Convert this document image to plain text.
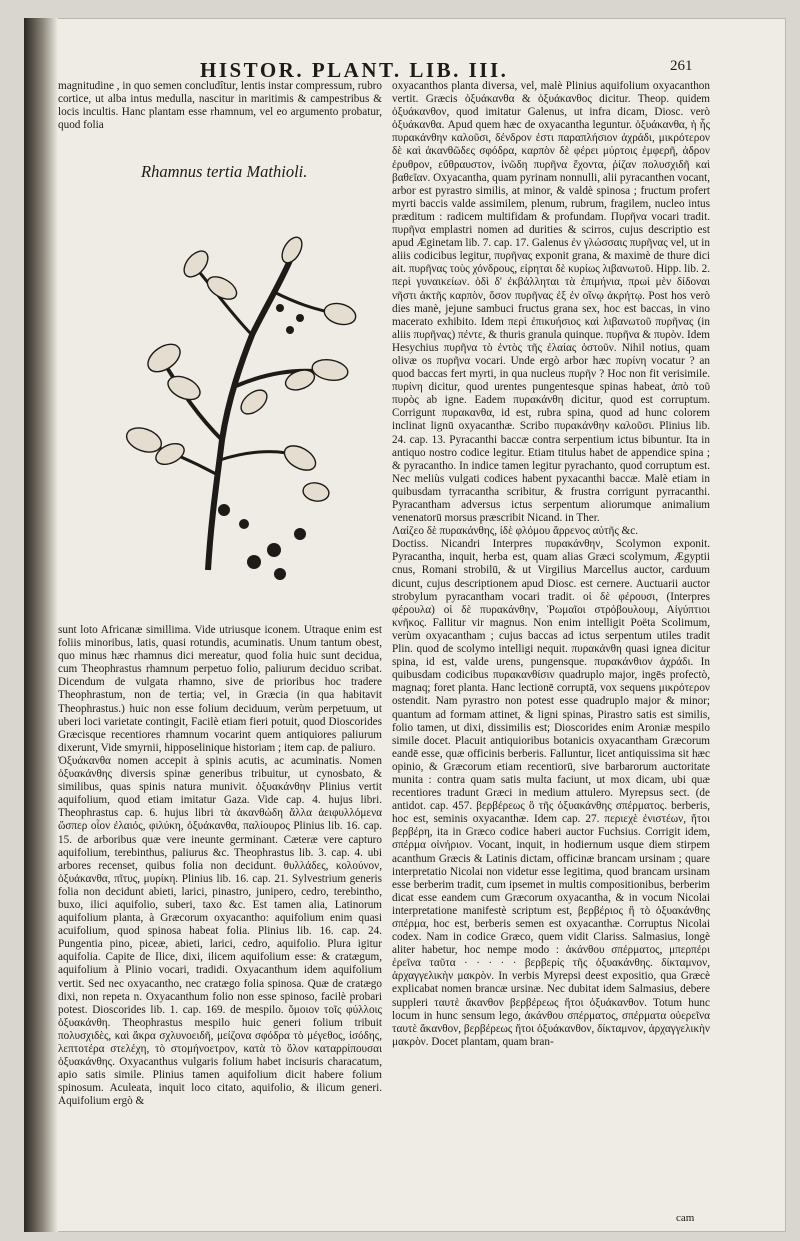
HISTOR. PLANT. LIB. III.	261

magnitudine , in quo semen concludîtur, lentis instar compressum, rubro cortice, ut alba intus medulla, nascitur in maritimis & campestribus & locis incultis. Hanc plantam esse rhamnum, vel eo argumento probatur, quod folia

Rhamnus tertia Mathioli.

sunt loto Africanæ simillima. Vide utriusque iconem. Utraque enim est foliis minoribus, latis, quasi rotundis, acuminatis. Unum tantum obest, quo minus hæc rhamnus dici mereatur, quod folia huic sunt decidua, cum Theophrastus rhamnum perpetuo folio, paliurum deciduo scribat. Dicendum de vulgata rhamno, sive de prioribus hoc tradere Theophrastum, non de tertia; vel, in Græcia (in qua habitavit Theophrastus.) huic non esse folium deciduum, verùm perpetuum, ut uberi loci varietate contingit, Facilè etiam fieri potuit, quod Dioscorides Græcisque recentiores rhamnum vocarint quem antiquiores paliurum dixerunt, Vide smyrnii, hipposelinique historiam ; item cap. de paliuro.

Ὀξυάκανθα nomen accepit à spinis acutis, ac acuminatis. Nomen ὀξυακάνθης diversis spinæ generibus tribuitur, ut cynosbato, & similibus, quas spinis natura munivit. ὀξυακάνθην Plinius vertit aquifolium, quod etiam imitatur Gaza. Vide cap. 4. hujus libri. Theophrastus cap. 6. hujus libri τὰ ἀκανθώδη ἄλλα ἀειφυλλόμενα ὥσπερ οἷον ἐλαιός, φιλύκη, ὀξυάκανθα, παλίουρος Plinius lib. 16. cap. 15. de arboribus quæ vere ineunte germinant. Cæteræ vere capturo aquifolium, terebinthus, paliurus &c. Theophrastus lib. 3. cap. 4. ubi arbores recenset, quibus folia non decidunt. θυλλάδες, κολούνον, ὀξυάκανθα, πῖτυς, μυρίκη. Plinius lib. 16. cap. 21. Sylvestrium generis folia non decidunt abieti, larici, pinastro, junipero, cedro, terebintho, buxo, ilici aquifolio, suberi, taxo &c. Est tamen alia, Latinorum aquifolium planta, à Græcorum oxyacantho: aquifolium enim quasi acuifolium, quod spinosa habeat folia. Plinius lib. 16. cap. 24. Pungentia pino, piceæ, abieti, larici, cedro, aquifolio. Plura igitur aquifolia. Capite de Ilice, dixi, ilicem aquifolium esse: & cratægum, aquifolium à Plinio vocari, tradidi. Oxyacanthum idem aquifolium vertit. Sed nec oxyacantho, nec cratægo folia spinosa. Quæ de cratægo dixi, non repeta n. Oxyacanthum folio non esse spinoso, facilè probari potest. Dioscorides lib. 1. cap. 169. de mespilo. ὅμοιον τοῖς φύλλοις ὀξυακάνθη. Theophrastus mespilo huic generi folium tribuit πολυσχιδὲς, καὶ ἄκρα σχλυνοειδῆ, μείζονα σφόδρα τὸ μέγεθος, ἰσόδης, λεπτοτέρα στελέχη, τὸ στομήνοετρον, κατὰ τὸ ὅλον καταρρίπουσαι ὀξυακάνθης. Oxyacanthus vulgaris folium habet incisuris characatum, apio satis simile. Plinius tamen aquifolium dicit habere folium spinosum. Aculeata, inquit loco citato, aquifolio, & ilicum generi. Aquifolium ergò &

oxyacanthos planta diversa, vel, malè Plinius aquifolium oxyacanthon vertit. Græcis ὀξυάκανθα & ὀξυάκανθος dicitur. Theop. quidem ὀξυάκανθον, quod imitatur Galenus, ut infra dicam, Diosc. verò ὀξυάκανθα. Apud quem hæc de oxyacantha leguntur. ὀξυάκανθα, ἡ ἧς πυρακάνθην καλοῦσι, δένδρον ἐστι παραπλήσιον ἀχράδι, μικρότερον δὲ καὶ ἀκανθῶδες σφόδρα, καρπὸν δὲ φέρει μύρτοις ἐμφερῆ, ἁδρον ἐρυθρον, εὔθραυστον, ἰνῶδη πυρῆνα ἔχοντα, ῥίζαν πολυσχιδῆ καὶ βαθεῖαν. Oxyacantha, quam pyrinam nonnulli, alii pyracanthen vocant, arbor est pyrastro similis, at minor, & valdè spinosa ; fructum profert myrti baccis valde assimilem, plenum, rubrum, fragilem, nucleo intus præditum : radicem multifidam & profundam. Πυρῆνα vocari tradit. πυρῆνα emplastri nomen ad durities & scirros, cujus descriptio est apud Æginetam lib. 7. cap. 17. Galenus ἐν γλώσσαις πυρῆνας vel, ut in aliis codicibus legitur, πυρῆνας exponit grana, & maximè de thure dici ait. πυρῆνας τοὺς χόνδρους, εἰρηται δὲ κυρίως λιβανωτοῦ. Hipp. lib. 2. περὶ γυναικείων. ὁδὶ δ' ἐκβάλληται τὰ ἐπιμήνια, πρωὶ μὲν δίδοναι νῆστι ἀκτῆς καρπὸν, ὅσον πυρῆνας ἐξ ἐν οἴνῳ ἀκρήτῳ. Post hos verò dies manè, jejune sambuci fructus grana sex, hoc est baccas, in vino macerato exhibito. Idem περὶ ἐπικυήσιος καὶ λιβανωτοῦ πυρῆνας (in aliis πυρῆνας) πέντε, & thuris granula quinque. πυρῆνα & πυρὸν. Idem Hesychius πυρῆνα τὸ ἐντὸς τῆς ἐλαίας ὀστοῦν. Nihil notius, quam olivæ os πυρῆνα vocari. Unde ergò arbor hæc πυρίνη vocatur ? an quod baccas fert myrti, in qua nucleus πυρῆν ? Hoc non fit verisimile. πυρίνη dicitur, quod urentes pungentesque spinas habeat, ἀπὸ τοῦ πυρὸς ab igne. Eadem πυρακάνθη dicitur, quod est corruptum. Corrigunt πυρακανθα, id est, rubra spina, quod ad hunc colorem inclinat lignū oxyacanthæ. Scribo πυρακάνθην καλοῦσι. Plinius lib. 24. cap. 13. Pyracanthi baccæ contra serpentium ictus bibuntur. Ita in antiquo nostro codice legitur. Etiam titulus habet de appendice spina ; & pyracantho. In indice tamen legitur pyrachanto, quod corruptum est. Nec meliùs vulgati codices habent pyxacanthi baccæ. Malè etiam in quibusdam tyrracantha scribitur, & frustra corrigunt pyrracanthi. Pyracantham adversus ictus serpentum aliorumque animalium venenatorū morsus præscribit Nicand. in Ther.

Λαίζεο δὲ πυρακάνθης, ἰδὲ φλόμου ἄρρενος αὐτῆς &c.

Doctiss. Nicandri Interpres πυρακάνθην, Scolymon exponit. Pyracantha, inquit, herba est, quam alias Græci scolymum, Ægyptii cnus, Romani strobilū, & ut Virgilius Marcellus auctor, carduum dicunt, cujus descriptionem apud Diosc. est cernere. Auctuarii auctor strobylum pyracantham vocari tradit. οἱ δὲ φέρουσι, (Interpres φέρουλα) οἱ δὲ πυρακάνθην, Ῥωμαῖοι στρόβουλουμ, Αἰγύπτιοι κνῆκος. Fallitur vir magnus. Non enim intelligit Poëta Scolimum, verùm oxyacantham ; cujus baccas ad ictus serpentum utiles tradit Plin. quod de scolymo intelligi nequit. πυρακάνθη quasi ignea dicitur spina, id est, valde urens, pungensque. πυρακάνθιον ἀχράδι. In quibusdam codicibus πυρακανθίσιν quadruplo major, ingēs profectò, magnaq; foret planta. Hanc lectionē corruptā, vox sequens μικρότερον ostendit. Nam pyrastro non potest esse quadruplo major & minor; quantum ad formam attinet, & ligni spinas, Pirastro satis est similis, folio tamen, ut dixi, dissimilis est; Dioscorides enim Aroniæ mespilo simile docet. Placuit antiquioribus botanicis oxyacantham Græcorum eandē esse, quæ officinis berberis. Falluntur, licet antiquissima sit hæc opinio, & Græcorum etiam recentiorū, sive barbarorum auctoritate munita : contra quam satis multa faciunt, ut mox dicam, ubi quæ recentiores tradunt Græci in medium attulero. Myrepsus sect. (de antidot. cap. 457. βερβέρεως ὃ τῆς ὀξυακάνθης σπέρματος. berberis, hoc est, seminis oxyacanthæ. Idem cap. 27. περιεχὲ ἐνιστέων, ἤτοι βερβέρη, ita in Græco codice haberi auctor Fuchsius. Corrigit idem, σπέρμα οἰνήριον. Vocant, inquit, in hodiernum usque diem stirpem acanthum Græcis & Latinis dictam, officinæ brancam ursinam ; quare interpretatio Nicolai non videtur esse legitima, quod brancam ursinam esse berberim tradit, cum ipsemet in multis compositionibus, berberim dicat esse eandem cum Græcorum oxyacantha, & in vocum Nicolai interpretatione manifestè scriptum est, βερβέριος ἢ τὸ ὀξυακάνθης σπέρμα, hoc est, berberis semen est oxyacanthæ. Corruptus Nicolai codex. Nam in codice Græco, quem vidit Clariss. Salmasius, longè aliter habetur, hoc nempe modo : ἀκάνθου σπέρματος, μπερπέρι ἐρεῖνα ταῦτα · · · · · βερβερίς τῆς ὀξυακάνθης. δίκταμνον, ἀρχαγγελικὴν μακρὸν. In verbis Myrepsi deest expositio, qua Græcè explicabat nomen brancæ ursinæ. Nec dubitat idem Salmasius, debere suppleri ταυτὲ ἄκανθον βερβέρεως ἤτοι ὀξυάκανθον. Totum hunc locum in hunc sensum lego, ἀκάνθου σπέρματος, σπέρματα οὐερεῖνα ταυτὲ ἄκανθον, βερβέρεως ἤτοι ὀξυάκανθον, δίκταμνον, ἀρχαγγελικὴν μακρὸν. Docet plantam, quam bran-

cam
